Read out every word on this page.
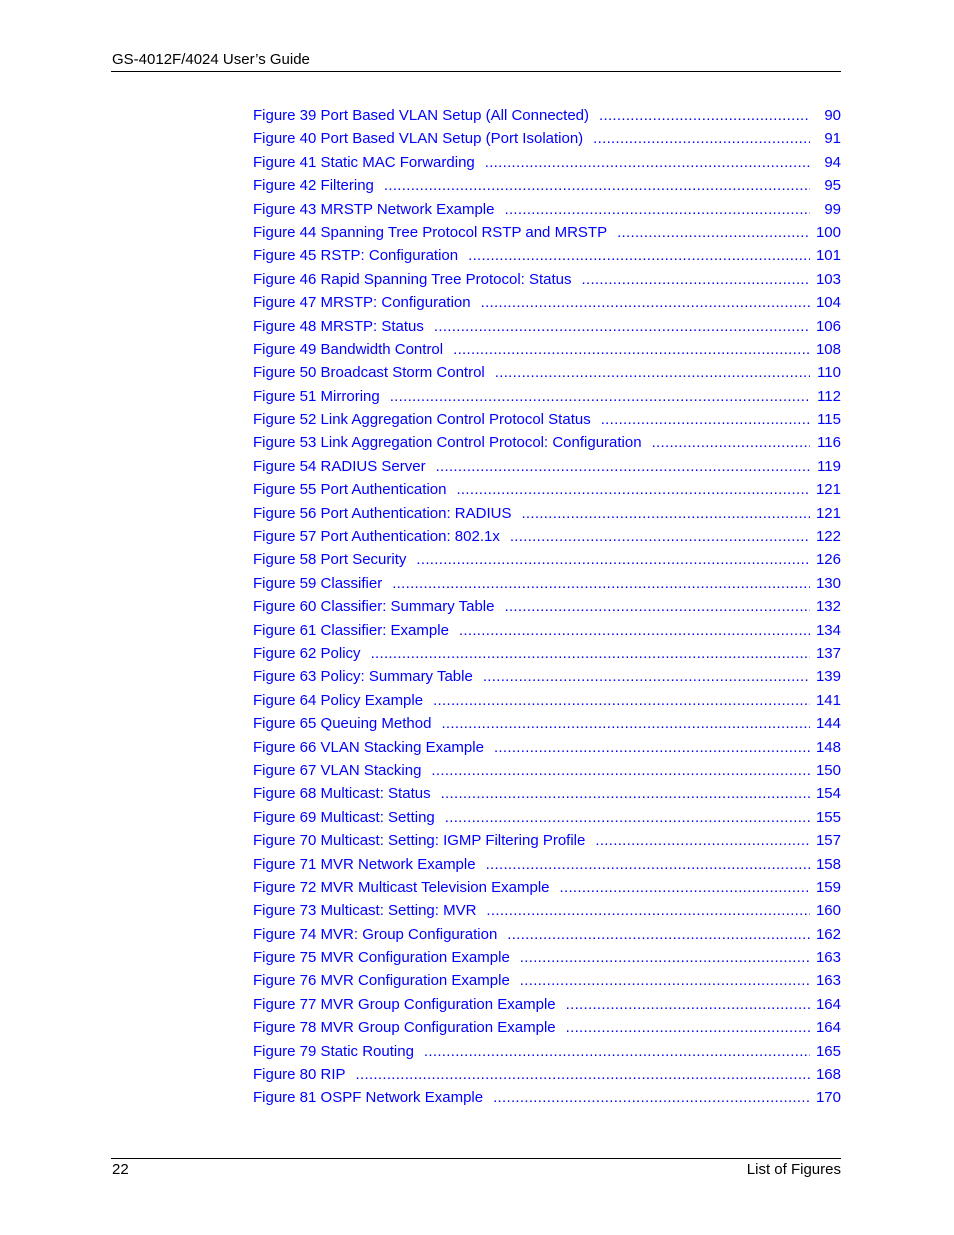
GS-4012F/4024 User’s Guide
Figure 39 Port Based VLAN Setup (All Connected) .....	90
Figure 40 Port Based VLAN Setup (Port Isolation) .....	91
Figure 41 Static MAC Forwarding .....	94
Figure 42 Filtering .....	95
Figure 43 MRSTP Network Example .....	99
Figure 44 Spanning Tree Protocol RSTP and MRSTP .....	100
Figure 45 RSTP: Configuration .....	101
Figure 46 Rapid Spanning Tree Protocol: Status .....	103
Figure 47 MRSTP: Configuration .....	104
Figure 48 MRSTP: Status .....	106
Figure 49 Bandwidth Control .....	108
Figure 50 Broadcast Storm Control .....	110
Figure 51 Mirroring .....	112
Figure 52 Link Aggregation Control Protocol Status .....	115
Figure 53 Link Aggregation Control Protocol: Configuration .....	116
Figure 54 RADIUS Server .....	119
Figure 55 Port Authentication .....	121
Figure 56 Port Authentication: RADIUS .....	121
Figure 57 Port Authentication: 802.1x .....	122
Figure 58 Port Security .....	126
Figure 59 Classifier .....	130
Figure 60 Classifier: Summary Table .....	132
Figure 61 Classifier: Example .....	134
Figure 62 Policy .....	137
Figure 63 Policy: Summary Table .....	139
Figure 64 Policy Example .....	141
Figure 65 Queuing Method .....	144
Figure 66 VLAN Stacking Example .....	148
Figure 67 VLAN Stacking .....	150
Figure 68 Multicast: Status .....	154
Figure 69 Multicast: Setting .....	155
Figure 70 Multicast: Setting: IGMP Filtering Profile .....	157
Figure 71 MVR Network Example .....	158
Figure 72 MVR Multicast Television Example .....	159
Figure 73 Multicast: Setting: MVR .....	160
Figure 74 MVR: Group Configuration .....	162
Figure 75 MVR Configuration Example .....	163
Figure 76 MVR Configuration Example .....	163
Figure 77 MVR Group Configuration Example .....	164
Figure 78 MVR Group Configuration Example .....	164
Figure 79 Static Routing .....	165
Figure 80 RIP .....	168
Figure 81 OSPF Network Example .....	170
22	List of Figures
